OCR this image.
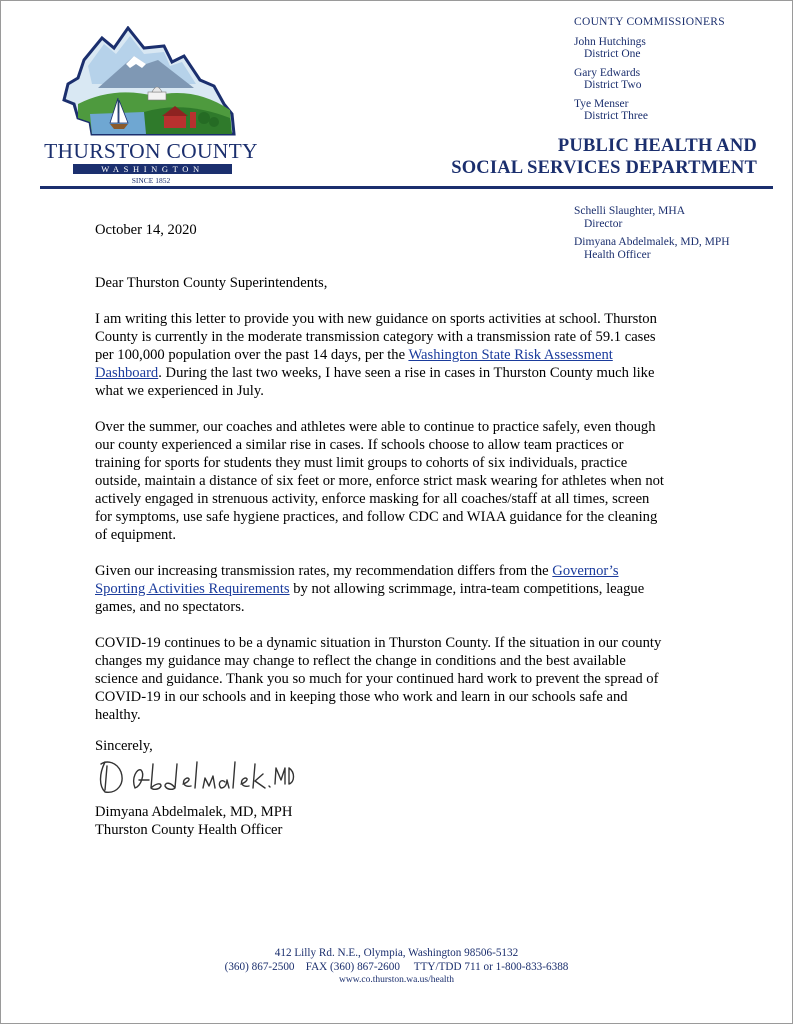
THURSTON COUNTY
WASHINGTON
SINCE 1852
COUNTY COMMISSIONERS
John Hutchings
District One
Gary Edwards
District Two
Tye Menser
District Three
PUBLIC HEALTH AND
SOCIAL SERVICES DEPARTMENT
Schelli Slaughter, MHA
Director
Dimyana Abdelmalek, MD, MPH
Health Officer
October 14, 2020

Dear Thurston County Superintendents,

I am writing this letter to provide you with new guidance on sports activities at school. Thurston County is currently in the moderate transmission category with a transmission rate of 59.1 cases per 100,000 population over the past 14 days, per the Washington State Risk Assessment Dashboard. During the last two weeks, I have seen a rise in cases in Thurston County much like what we experienced in July.

Over the summer, our coaches and athletes were able to continue to practice safely, even though our county experienced a similar rise in cases. If schools choose to allow team practices or training for sports for students they must limit groups to cohorts of six individuals, practice outside, maintain a distance of six feet or more, enforce strict mask wearing for athletes when not actively engaged in strenuous activity, enforce masking for all coaches/staff at all times, screen for symptoms, use safe hygiene practices, and follow CDC and WIAA guidance for the cleaning of equipment.

Given our increasing transmission rates, my recommendation differs from the Governor’s Sporting Activities Requirements by not allowing scrimmage, intra-team competitions, league games, and no spectators.

COVID-19 continues to be a dynamic situation in Thurston County. If the situation in our county changes my guidance may change to reflect the change in conditions and the best available science and guidance. Thank you so much for your continued hard work to prevent the spread of COVID-19 in our schools and in keeping those who work and learn in our schools safe and healthy.

Sincerely,
Dimyana Abdelmalek, MD, MPH
Thurston County Health Officer
412 Lilly Rd. N.E., Olympia, Washington 98506-5132
(360) 867-2500    FAX (360) 867-2600     TTY/TDD 711 or 1-800-833-6388
www.co.thurston.wa.us/health
